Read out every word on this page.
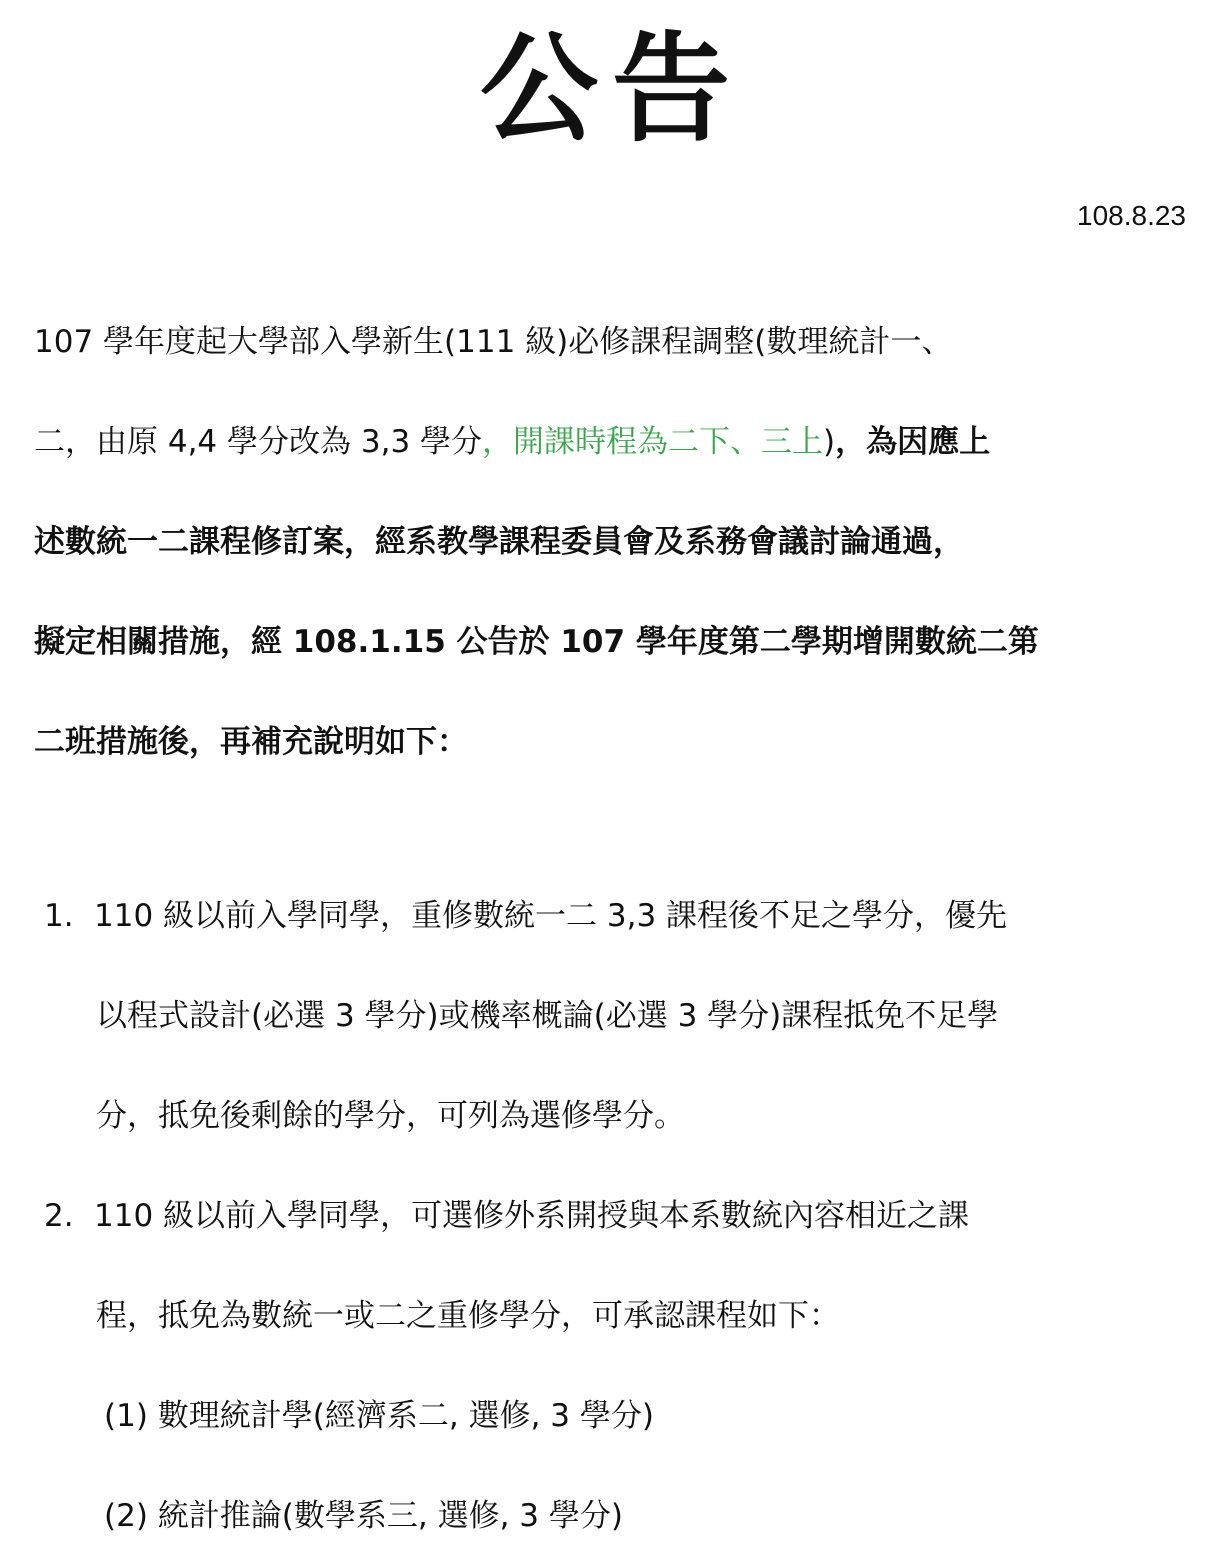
公告
108.8.23
107 學年度起大學部入學新生(111 級)必修課程調整(數理統計一、
二，由原 4,4 學分改為 3,3 學分，開課時程為二下、三上)，為因應上
述數統一二課程修訂案，經系教學課程委員會及系務會議討論通過，
擬定相關措施，經 108.1.15 公告於 107 學年度第二學期增開數統二第
二班措施後，再補充說明如下：
1. 110 級以前入學同學，重修數統一二 3,3 課程後不足之學分，優先
以程式設計(必選 3 學分)或機率概論(必選 3 學分)課程抵免不足學
分，抵免後剩餘的學分，可列為選修學分。
2. 110 級以前入學同學，可選修外系開授與本系數統內容相近之課
程，抵免為數統一或二之重修學分，可承認課程如下：
(1) 數理統計學(經濟系二, 選修, 3 學分)
(2) 統計推論(數學系三, 選修, 3 學分)
